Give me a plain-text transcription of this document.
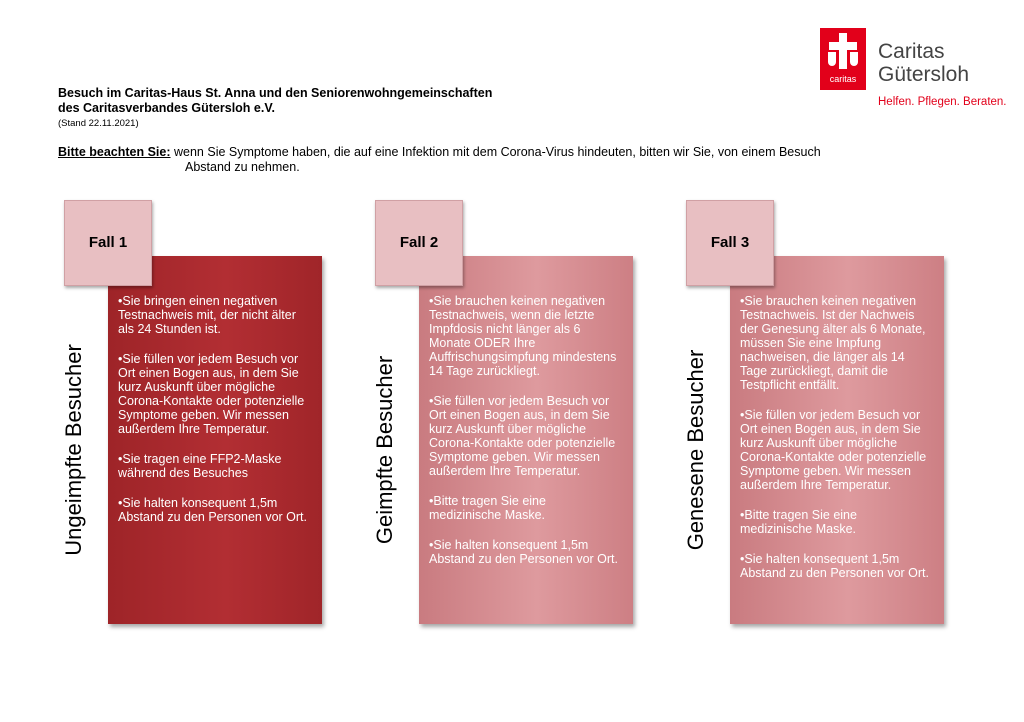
Besuch im Caritas-Haus St. Anna und den Seniorenwohngemeinschaften
des Caritasverbandes Gütersloh e.V.
(Stand 22.11.2021)
Bitte beachten Sie: wenn Sie Symptome haben, die auf eine Infektion mit dem Corona-Virus hindeuten, bitten wir Sie, von einem Besuch
Abstand zu nehmen.
caritas
Caritas
Gütersloh
Helfen. Pflegen. Beraten.
Fall 1
Ungeimpfte Besucher

•Sie bringen einen negativen Testnachweis mit, der nicht älter als 24 Stunden ist.

•Sie füllen vor jedem Besuch vor Ort einen Bogen aus, in dem Sie kurz Auskunft über mögliche Corona-Kontakte oder potenzielle Symptome geben. Wir messen außerdem Ihre Temperatur.

•Sie tragen eine FFP2-Maske während des Besuches

•Sie halten konsequent 1,5m Abstand zu den Personen vor Ort.

Fall 2
Geimpfte Besucher

•Sie brauchen keinen negativen Testnachweis, wenn die letzte Impfdosis nicht länger als 6 Monate ODER Ihre Auffrischungsimpfung mindestens 14 Tage zurückliegt.

•Sie füllen vor jedem Besuch vor Ort einen Bogen aus, in dem Sie kurz Auskunft über mögliche Corona-Kontakte oder potenzielle Symptome geben. Wir messen außerdem Ihre Temperatur.

•Bitte tragen Sie eine medizinische Maske.

•Sie halten konsequent 1,5m Abstand zu den Personen vor Ort.

Fall 3
Genesene Besucher

•Sie brauchen keinen negativen Testnachweis. Ist der Nachweis der Genesung älter als 6 Monate, müssen Sie eine Impfung nachweisen, die länger als 14 Tage zurückliegt, damit die Testpflicht entfällt.

•Sie füllen vor jedem Besuch vor Ort einen Bogen aus, in dem Sie kurz Auskunft über mögliche Corona-Kontakte oder potenzielle Symptome geben. Wir messen außerdem Ihre Temperatur.

•Bitte tragen Sie eine medizinische Maske.

•Sie halten konsequent 1,5m Abstand zu den Personen vor Ort.
